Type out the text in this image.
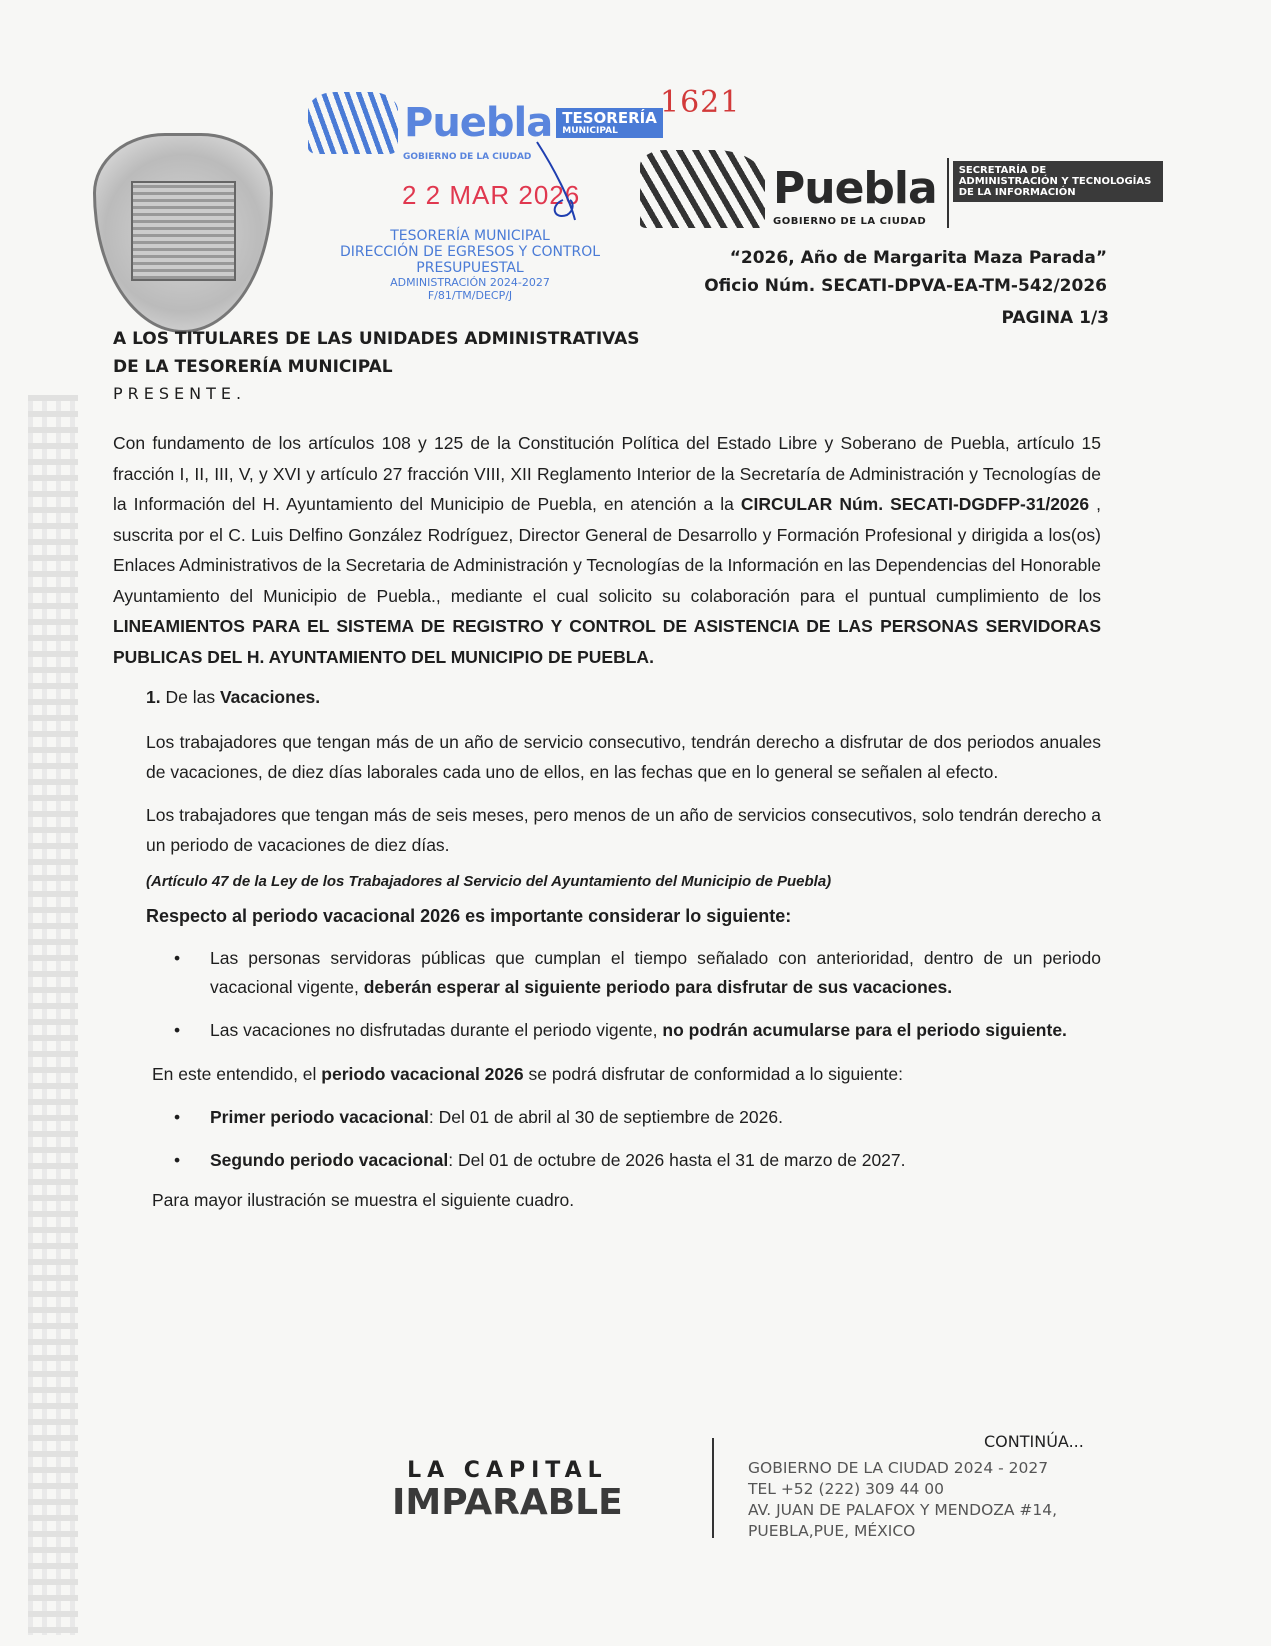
Puebla
GOBIERNO DE LA CIUDAD
TESORERÍA
MUNICIPAL
2 2 MAR 2026
TESORERÍA MUNICIPAL
DIRECCIÓN DE EGRESOS Y CONTROL
PRESUPUESTAL
ADMINISTRACIÓN 2024-2027
F/81/TM/DECP/J
1621
Puebla
GOBIERNO DE LA CIUDAD
SECRETARÍA DE
ADMINISTRACIÓN Y TECNOLOGÍAS
DE LA INFORMACIÓN
“2026, Año de Margarita Maza Parada”
Oficio Núm. SECATI-DPVA-EA-TM-542/2026
PAGINA 1/3
A LOS TITULARES DE LAS UNIDADES ADMINISTRATIVAS
DE LA TESORERÍA MUNICIPAL
PRESENTE.
Con fundamento de los artículos 108 y 125 de la Constitución Política del Estado Libre y Soberano de Puebla, artículo 15 fracción I, II, III, V, y XVI y artículo 27 fracción VIII, XII Reglamento Interior de la Secretaría de Administración y Tecnologías de la Información del H. Ayuntamiento del Municipio de Puebla, en atención a la CIRCULAR Núm. SECATI-DGDFP-31/2026 , suscrita por el C. Luis Delfino González Rodríguez, Director General de Desarrollo y Formación Profesional y dirigida a los(os) Enlaces Administrativos de la Secretaria de Administración y Tecnologías de la Información en las Dependencias del Honorable Ayuntamiento del Municipio de Puebla., mediante el cual solicito su colaboración para el puntual cumplimiento de los LINEAMIENTOS PARA EL SISTEMA DE REGISTRO Y CONTROL DE ASISTENCIA DE LAS PERSONAS SERVIDORAS PUBLICAS DEL H. AYUNTAMIENTO DEL MUNICIPIO DE PUEBLA.
1. De las Vacaciones.
Los trabajadores que tengan más de un año de servicio consecutivo, tendrán derecho a disfrutar de dos periodos anuales de vacaciones, de diez días laborales cada uno de ellos, en las fechas que en lo general se señalen al efecto.
Los trabajadores que tengan más de seis meses, pero menos de un año de servicios consecutivos, solo tendrán derecho a un periodo de vacaciones de diez días.
(Artículo 47 de la Ley de los Trabajadores al Servicio del Ayuntamiento del Municipio de Puebla)
Respecto al periodo vacacional 2026 es importante considerar lo siguiente:
• Las personas servidoras públicas que cumplan el tiempo señalado con anterioridad, dentro de un periodo vacacional vigente, deberán esperar al siguiente periodo para disfrutar de sus vacaciones.
• Las vacaciones no disfrutadas durante el periodo vigente, no podrán acumularse para el periodo siguiente.
En este entendido, el periodo vacacional 2026 se podrá disfrutar de conformidad a lo siguiente:
• Primer periodo vacacional: Del 01 de abril al 30 de septiembre de 2026.
• Segundo periodo vacacional: Del 01 de octubre de 2026 hasta el 31 de marzo de 2027.
Para mayor ilustración se muestra el siguiente cuadro.
CONTINÚA...
LA CAPITAL
IMPARABLE
GOBIERNO DE LA CIUDAD 2024 - 2027
TEL +52 (222) 309 44 00
AV. JUAN DE PALAFOX Y MENDOZA #14,
PUEBLA,PUE, MÉXICO
